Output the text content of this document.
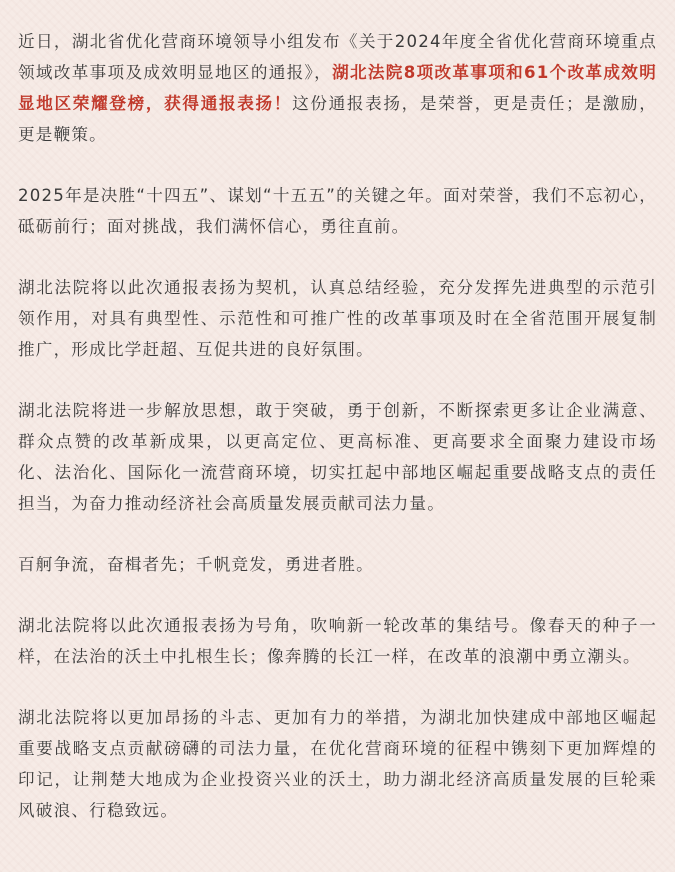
近日，湖北省优化营商环境领导小组发布《关于2024年度全省优化营商环境重点领域改革事项及成效明显地区的通报》，湖北法院8项改革事项和61个改革成效明显地区荣耀登榜，获得通报表扬！这份通报表扬，是荣誉，更是责任；是激励，更是鞭策。

2025年是决胜“十四五”、谋划“十五五”的关键之年。面对荣誉，我们不忘初心，砥砺前行；面对挑战，我们满怀信心，勇往直前。

湖北法院将以此次通报表扬为契机，认真总结经验，充分发挥先进典型的示范引领作用，对具有典型性、示范性和可推广性的改革事项及时在全省范围开展复制推广，形成比学赶超、互促共进的良好氛围。

湖北法院将进一步解放思想，敢于突破，勇于创新，不断探索更多让企业满意、群众点赞的改革新成果，以更高定位、更高标准、更高要求全面聚力建设市场化、法治化、国际化一流营商环境，切实扛起中部地区崛起重要战略支点的责任担当，为奋力推动经济社会高质量发展贡献司法力量。

百舸争流，奋楫者先；千帆竞发，勇进者胜。

湖北法院将以此次通报表扬为号角，吹响新一轮改革的集结号。像春天的种子一样，在法治的沃土中扎根生长；像奔腾的长江一样，在改革的浪潮中勇立潮头。

湖北法院将以更加昂扬的斗志、更加有力的举措，为湖北加快建成中部地区崛起重要战略支点贡献磅礴的司法力量，在优化营商环境的征程中镌刻下更加辉煌的印记，让荆楚大地成为企业投资兴业的沃土，助力湖北经济高质量发展的巨轮乘风破浪、行稳致远。
